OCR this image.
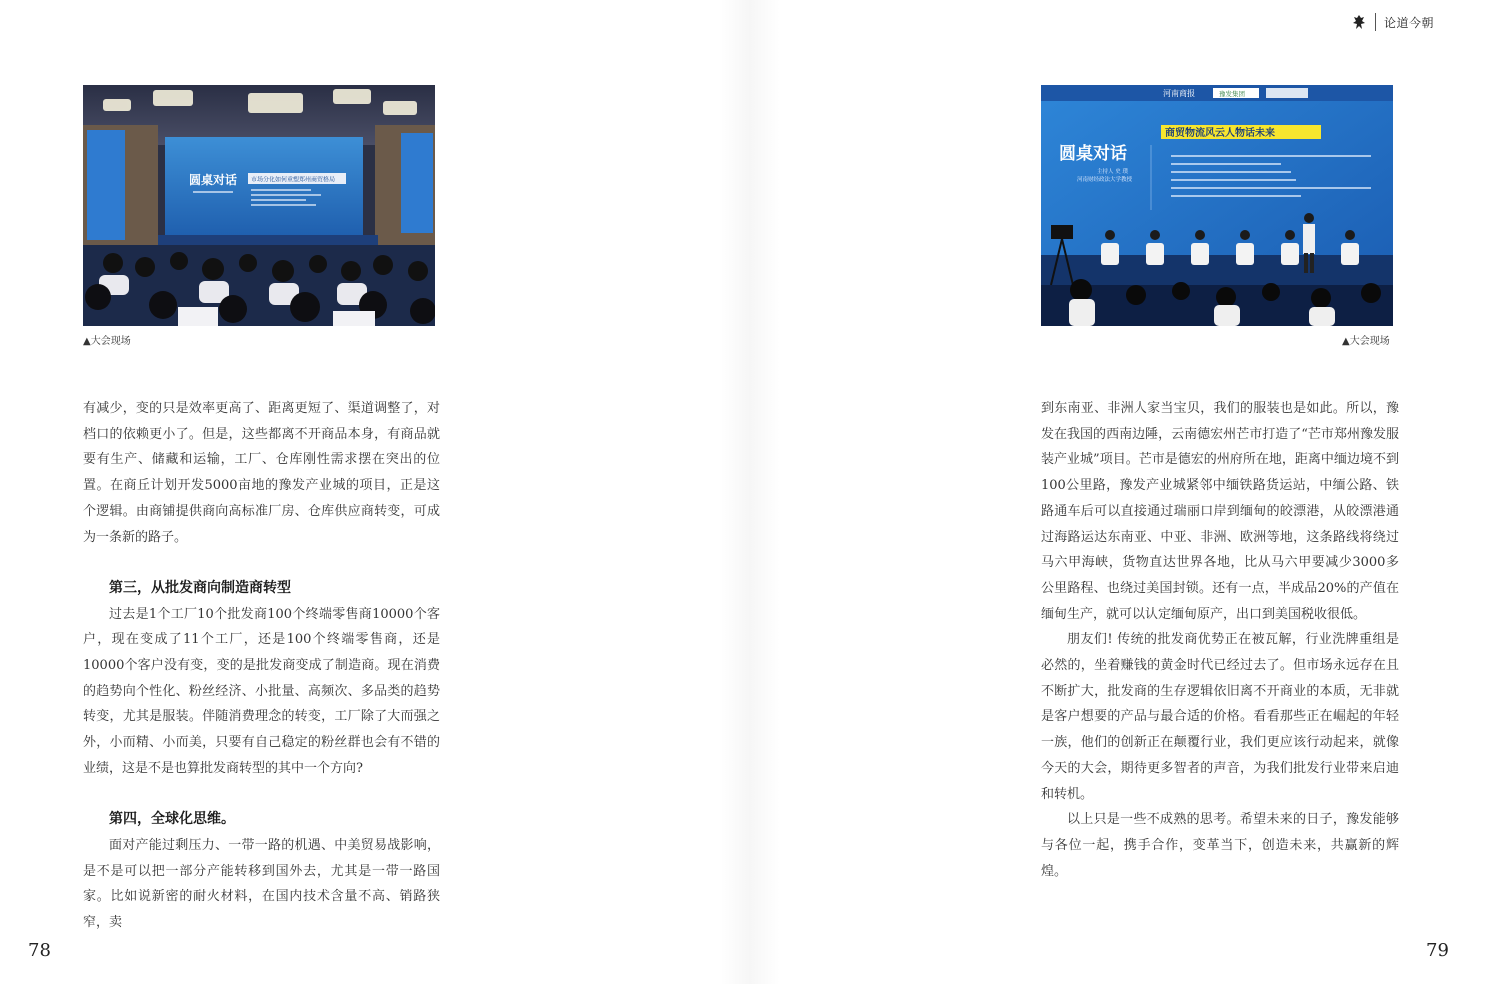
论道今朝
圆桌对话 市场分化如何重塑郑州商贸格局
▲大会现场
河南商报	豫发集团
圆桌对话
商贸物流风云人物话未来
主持人 史 璞
河南财经政法大学教授
▲大会现场

有减少，变的只是效率更高了、距离更短了、渠道调整了，对档口的依赖更小了。但是，这些都离不开商品本身，有商品就要有生产、储藏和运输，工厂、仓库刚性需求摆在突出的位置。在商丘计划开发5000亩地的豫发产业城的项目，正是这个逻辑。由商铺提供商向高标准厂房、仓库供应商转变，可成为一条新的路子。

第三，从批发商向制造商转型

过去是1个工厂10个批发商100个终端零售商10000个客户，现在变成了11个工厂，还是100个终端零售商，还是10000个客户没有变，变的是批发商变成了制造商。现在消费的趋势向个性化、粉丝经济、小批量、高频次、多品类的趋势转变，尤其是服装。伴随消费理念的转变，工厂除了大而强之外，小而精、小而美，只要有自己稳定的粉丝群也会有不错的业绩，这是不是也算批发商转型的其中一个方向?

第四，全球化思维。

面对产能过剩压力、一带一路的机遇、中美贸易战影响，是不是可以把一部分产能转移到国外去，尤其是一带一路国家。比如说新密的耐火材料，在国内技术含量不高、销路狭窄，卖

到东南亚、非洲人家当宝贝，我们的服装也是如此。所以，豫发在我国的西南边陲，云南德宏州芒市打造了“芒市郑州豫发服装产业城”项目。芒市是德宏的州府所在地，距离中缅边境不到100公里路，豫发产业城紧邻中缅铁路货运站，中缅公路、铁路通车后可以直接通过瑞丽口岸到缅甸的皎漂港，从皎漂港通过海路运达东南亚、中亚、非洲、欧洲等地，这条路线将绕过马六甲海峡，货物直达世界各地，比从马六甲要减少3000多公里路程、也绕过美国封锁。还有一点，半成品20%的产值在缅甸生产，就可以认定缅甸原产，出口到美国税收很低。

朋友们! 传统的批发商优势正在被瓦解，行业洗牌重组是必然的，坐着赚钱的黄金时代已经过去了。但市场永远存在且不断扩大，批发商的生存逻辑依旧离不开商业的本质，无非就是客户想要的产品与最合适的价格。看看那些正在崛起的年轻一族，他们的创新正在颠覆行业，我们更应该行动起来，就像今天的大会，期待更多智者的声音，为我们批发行业带来启迪和转机。

以上只是一些不成熟的思考。希望未来的日子，豫发能够与各位一起，携手合作，变革当下，创造未来，共赢新的辉煌。

78	79
